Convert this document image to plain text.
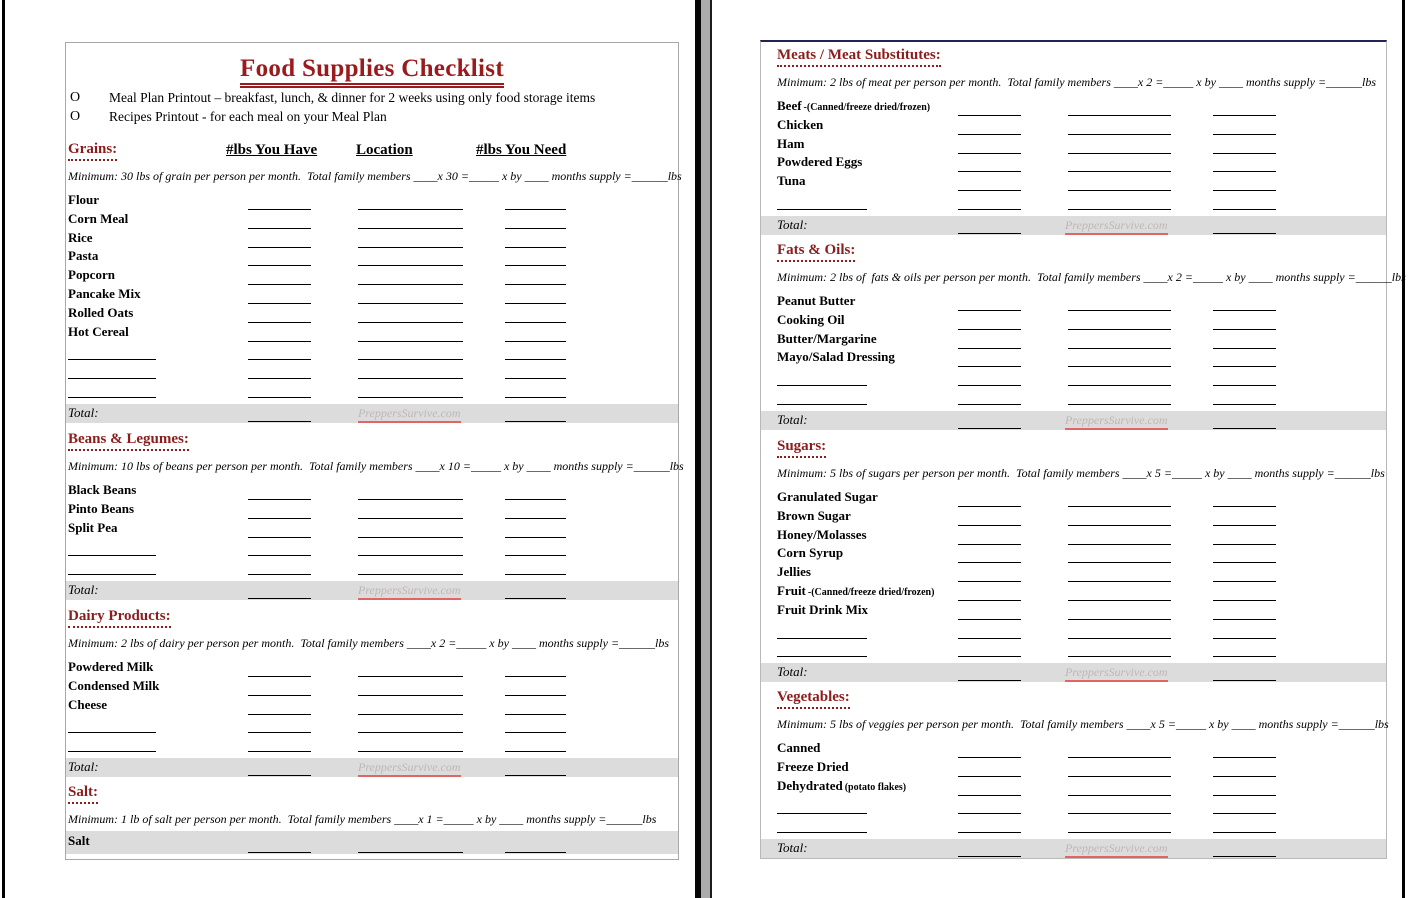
Food Supplies Checklist
O Meal Plan Printout – breakfast, lunch, & dinner for 2 weeks using only food storage items
O Recipes Printout - for each meal on your Meal Plan
Grains:	#lbs You Have	Location	#lbs You Need
Minimum: 30 lbs of grain per person per month.  Total family members ____x 30 =_____ x by ____ months supply =______lbs
Flour
Corn Meal
Rice
Pasta
Popcorn
Pancake Mix
Rolled Oats
Hot Cereal
Total:	PreppersSurvive.com
Beans & Legumes:
Minimum: 10 lbs of beans per person per month.  Total family members ____x 10 =_____ x by ____ months supply =______lbs
Black Beans
Pinto Beans
Split Pea
Total:	PreppersSurvive.com
Dairy Products:
Minimum: 2 lbs of dairy per person per month.  Total family members ____x 2 =_____ x by ____ months supply =______lbs
Powdered Milk
Condensed Milk
Cheese
Total:	PreppersSurvive.com
Salt:
Minimum: 1 lb of salt per person per month.  Total family members ____x 1 =_____ x by ____ months supply =______lbs
Salt
Meats / Meat Substitutes:
Minimum: 2 lbs of meat per person per month.  Total family members ____x 2 =_____ x by ____ months supply =______lbs
Beef -(Canned/freeze dried/frozen)
Chicken
Ham
Powdered Eggs
Tuna
Total:	PreppersSurvive.com
Fats & Oils:
Minimum: 2 lbs of  fats & oils per person per month.  Total family members ____x 2 =_____ x by ____ months supply =______lbs
Peanut Butter
Cooking Oil
Butter/Margarine
Mayo/Salad Dressing
Total:	PreppersSurvive.com
Sugars:
Minimum: 5 lbs of sugars per person per month.  Total family members ____x 5 =_____ x by ____ months supply =______lbs
Granulated Sugar
Brown Sugar
Honey/Molasses
Corn Syrup
Jellies
Fruit -(Canned/freeze dried/frozen)
Fruit Drink Mix
Total:	PreppersSurvive.com
Vegetables:
Minimum: 5 lbs of veggies per person per month.  Total family members ____x 5 =_____ x by ____ months supply =______lbs
Canned
Freeze Dried
Dehydrated (potato flakes)
Total:	PreppersSurvive.com
